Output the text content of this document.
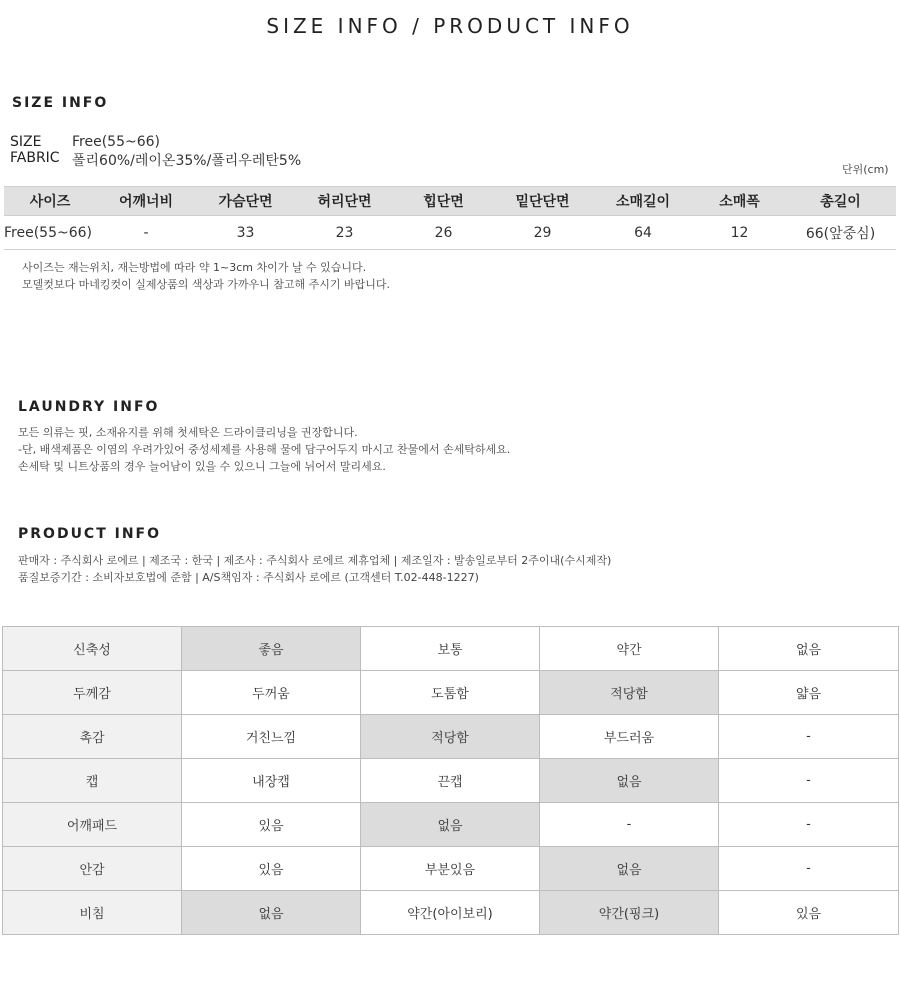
SIZE INFO / PRODUCT INFO
SIZE INFO
SIZE Free(55~66)
FABRIC 폴리60%/레이온35%/폴리우레탄5%
단위(cm)
사이즈	어깨너비	가슴단면	허리단면	힙단면	밑단단면	소매길이	소매폭	총길이
Free(55~66)	-	33	23	26	29	64	12	66(앞중심)
사이즈는 재는위치, 재는방법에 따라 약 1~3cm 차이가 날 수 있습니다.
모델컷보다 마네킹컷이 실제상품의 색상과 가까우니 참고해 주시기 바랍니다.
LAUNDRY INFO
모든 의류는 핏, 소재유지를 위해 첫세탁은 드라이클리닝을 권장합니다.
-단, 배색제품은 이염의 우려가있어 중성세제를 사용해 물에 담구어두지 마시고 찬물에서 손세탁하세요.
손세탁 및 니트상품의 경우 늘어남이 있을 수 있으니 그늘에 뉘어서 말리세요.
PRODUCT INFO
판매자 : 주식회사 로에르 | 제조국 : 한국 | 제조사 : 주식회사 로에르 제휴업체 | 제조일자 : 발송일로부터 2주이내(수시제작)
품질보증기간 : 소비자보호법에 준함 | A/S책임자 : 주식회사 로에르 (고객센터 T.02-448-1227)
신축성	좋음	보통	약간	없음
두께감	두꺼움	도톰함	적당함	얇음
촉감	거친느낌	적당함	부드러움	-
캡	내장캡	끈캡	없음	-
어깨패드	있음	없음	-	-
안감	있음	부분있음	없음	-
비침	없음	약간(아이보리)	약간(핑크)	있음
